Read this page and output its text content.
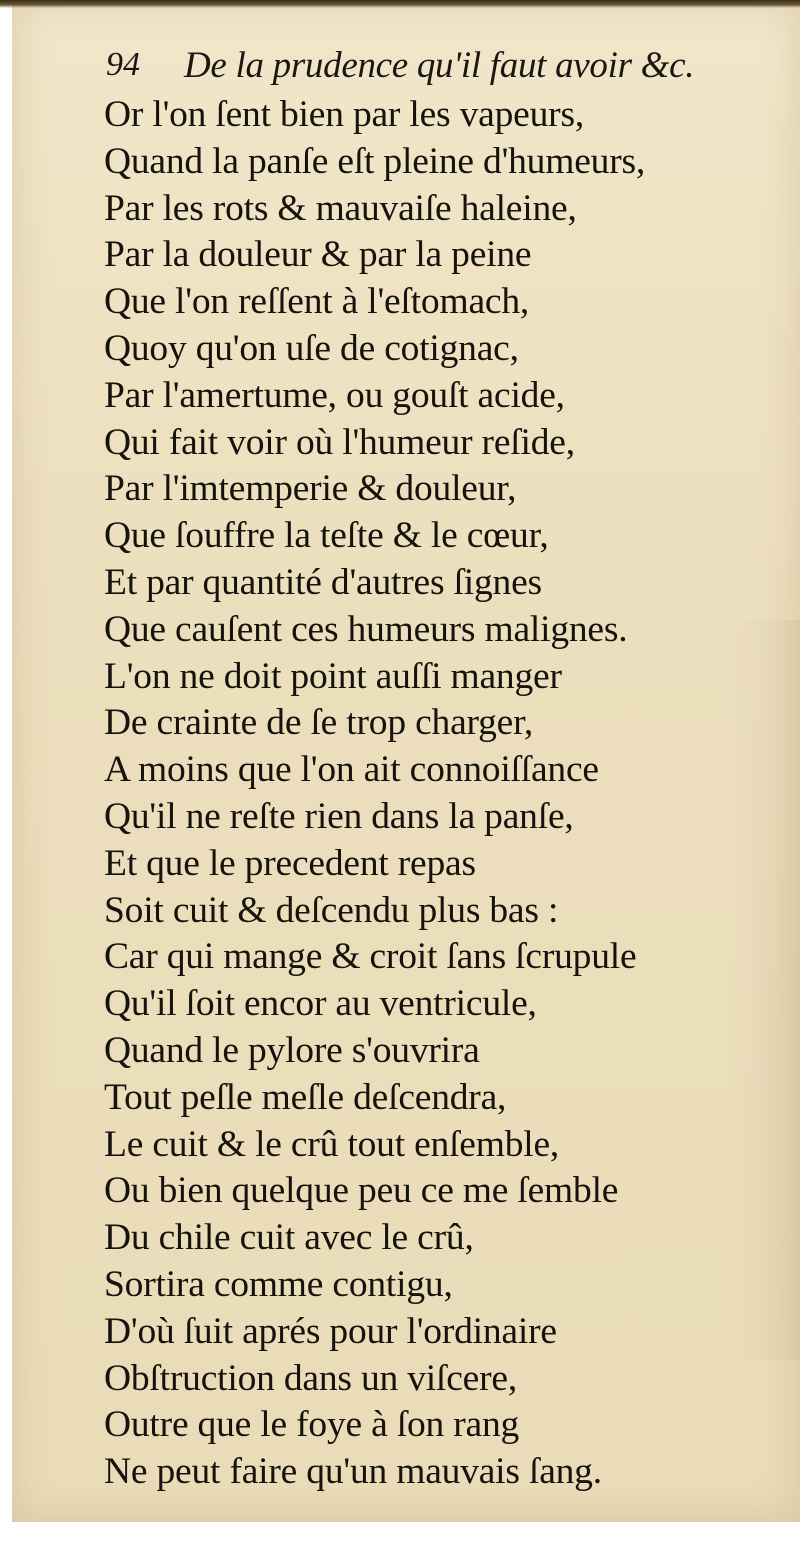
94 De la prudence qu'il faut avoir &c.
Or l'on ſent bien par les vapeurs,
Quand la panſe eſt pleine d'humeurs,
Par les rots & mauvaiſe haleine,
Par la douleur & par la peine
Que l'on reſſent à l'eſtomach,
Quoy qu'on uſe de cotignac,
Par l'amertume, ou gouſt acide,
Qui fait voir où l'humeur reſide,
Par l'imtemperie & douleur,
Que ſouffre la teſte & le cœur,
Et par quantité d'autres ſignes
Que cauſent ces humeurs malignes.
L'on ne doit point auſſi manger
De crainte de ſe trop charger,
A moins que l'on ait connoiſſance
Qu'il ne reſte rien dans la panſe,
Et que le precedent repas
Soit cuit & deſcendu plus bas :
Car qui mange & croit ſans ſcrupule
Qu'il ſoit encor au ventricule,
Quand le pylore s'ouvrira
Tout peſle meſle deſcendra,
Le cuit & le crû tout enſemble,
Ou bien quelque peu ce me ſemble
Du chile cuit avec le crû,
Sortira comme contigu,
D'où ſuit aprés pour l'ordinaire
Obſtruction dans un viſcere,
Outre que le foye à ſon rang
Ne peut faire qu'un mauvais ſang.
